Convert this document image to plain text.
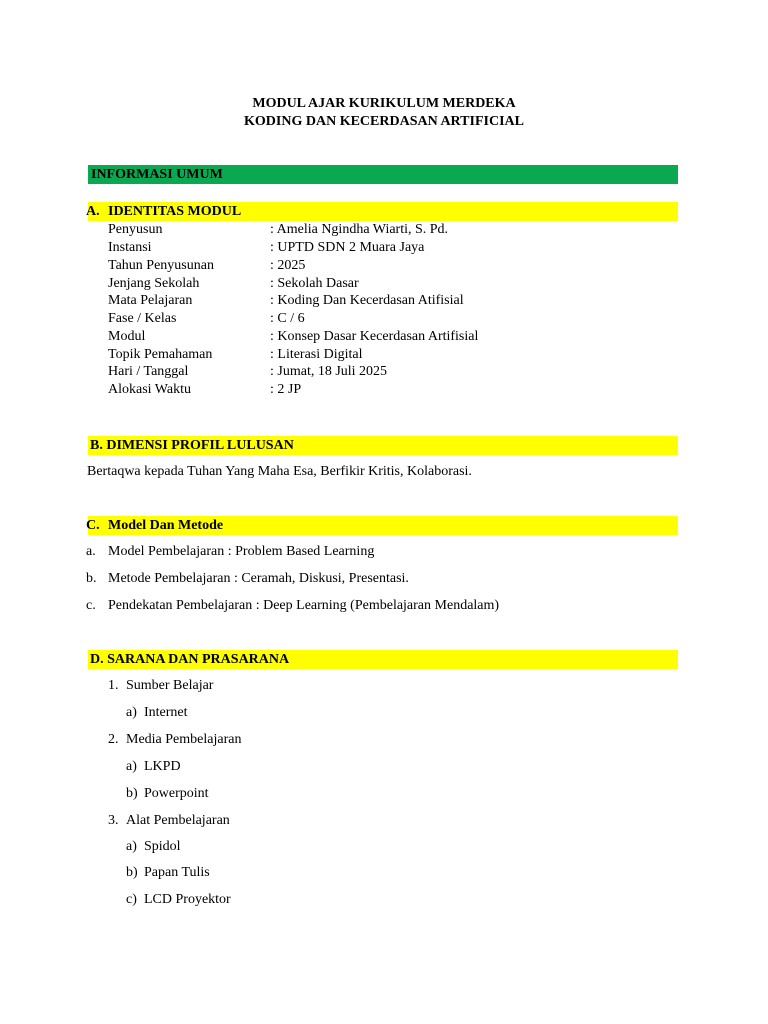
MODUL AJAR KURIKULUM MERDEKA
KODING DAN KECERDASAN ARTIFICIAL
INFORMASI UMUM
A. IDENTITAS MODUL
Penyusun	: Amelia Ngindha Wiarti, S. Pd.
Instansi	: UPTD SDN 2 Muara Jaya
Tahun Penyusunan	: 2025
Jenjang Sekolah	: Sekolah Dasar
Mata Pelajaran	: Koding Dan Kecerdasan Atifisial
Fase / Kelas	: C / 6
Modul	: Konsep Dasar Kecerdasan Artifisial
Topik Pemahaman	: Literasi Digital
Hari / Tanggal	: Jumat, 18 Juli 2025
Alokasi Waktu	: 2 JP
B. DIMENSI PROFIL LULUSAN
Bertaqwa kepada Tuhan Yang Maha Esa, Berfikir Kritis, Kolaborasi.
C. Model Dan Metode
a. Model Pembelajaran : Problem Based Learning
b. Metode Pembelajaran : Ceramah, Diskusi, Presentasi.
c. Pendekatan Pembelajaran : Deep Learning (Pembelajaran Mendalam)
D. SARANA DAN PRASARANA
1. Sumber Belajar
a) Internet
2. Media Pembelajaran
a) LKPD
b) Powerpoint
3. Alat Pembelajaran
a) Spidol
b) Papan Tulis
c) LCD Proyektor
